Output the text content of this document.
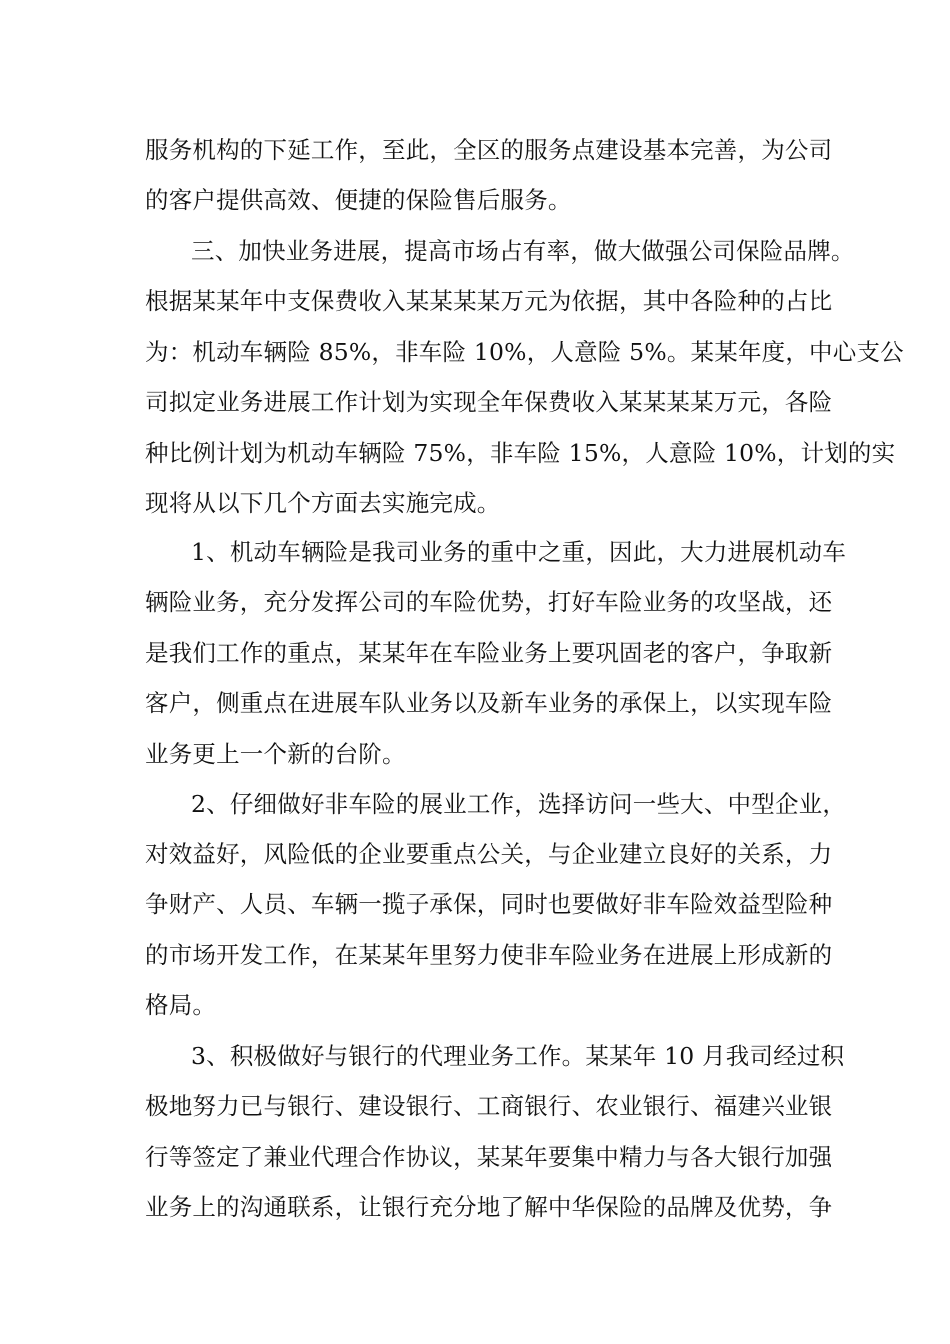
服务机构的下延工作，至此，全区的服务点建设基本完善，为公司
的客户提供高效、便捷的保险售后服务。
三、加快业务进展，提高市场占有率，做大做强公司保险品牌。
根据某某年中支保费收入某某某某万元为依据，其中各险种的占比
为：机动车辆险 85%，非车险 10%，人意险 5%。某某年度，中心支公
司拟定业务进展工作计划为实现全年保费收入某某某某万元，各险
种比例计划为机动车辆险 75%，非车险 15%，人意险 10%，计划的实
现将从以下几个方面去实施完成。
1、机动车辆险是我司业务的重中之重，因此，大力进展机动车
辆险业务，充分发挥公司的车险优势，打好车险业务的攻坚战，还
是我们工作的重点，某某年在车险业务上要巩固老的客户，争取新
客户，侧重点在进展车队业务以及新车业务的承保上，以实现车险
业务更上一个新的台阶。
2、仔细做好非车险的展业工作，选择访问一些大、中型企业，
对效益好，风险低的企业要重点公关，与企业建立良好的关系，力
争财产、人员、车辆一揽子承保，同时也要做好非车险效益型险种
的市场开发工作，在某某年里努力使非车险业务在进展上形成新的
格局。
3、积极做好与银行的代理业务工作。某某年 10 月我司经过积
极地努力已与银行、建设银行、工商银行、农业银行、福建兴业银
行等签定了兼业代理合作协议，某某年要集中精力与各大银行加强
业务上的沟通联系，让银行充分地了解中华保险的品牌及优势，争
